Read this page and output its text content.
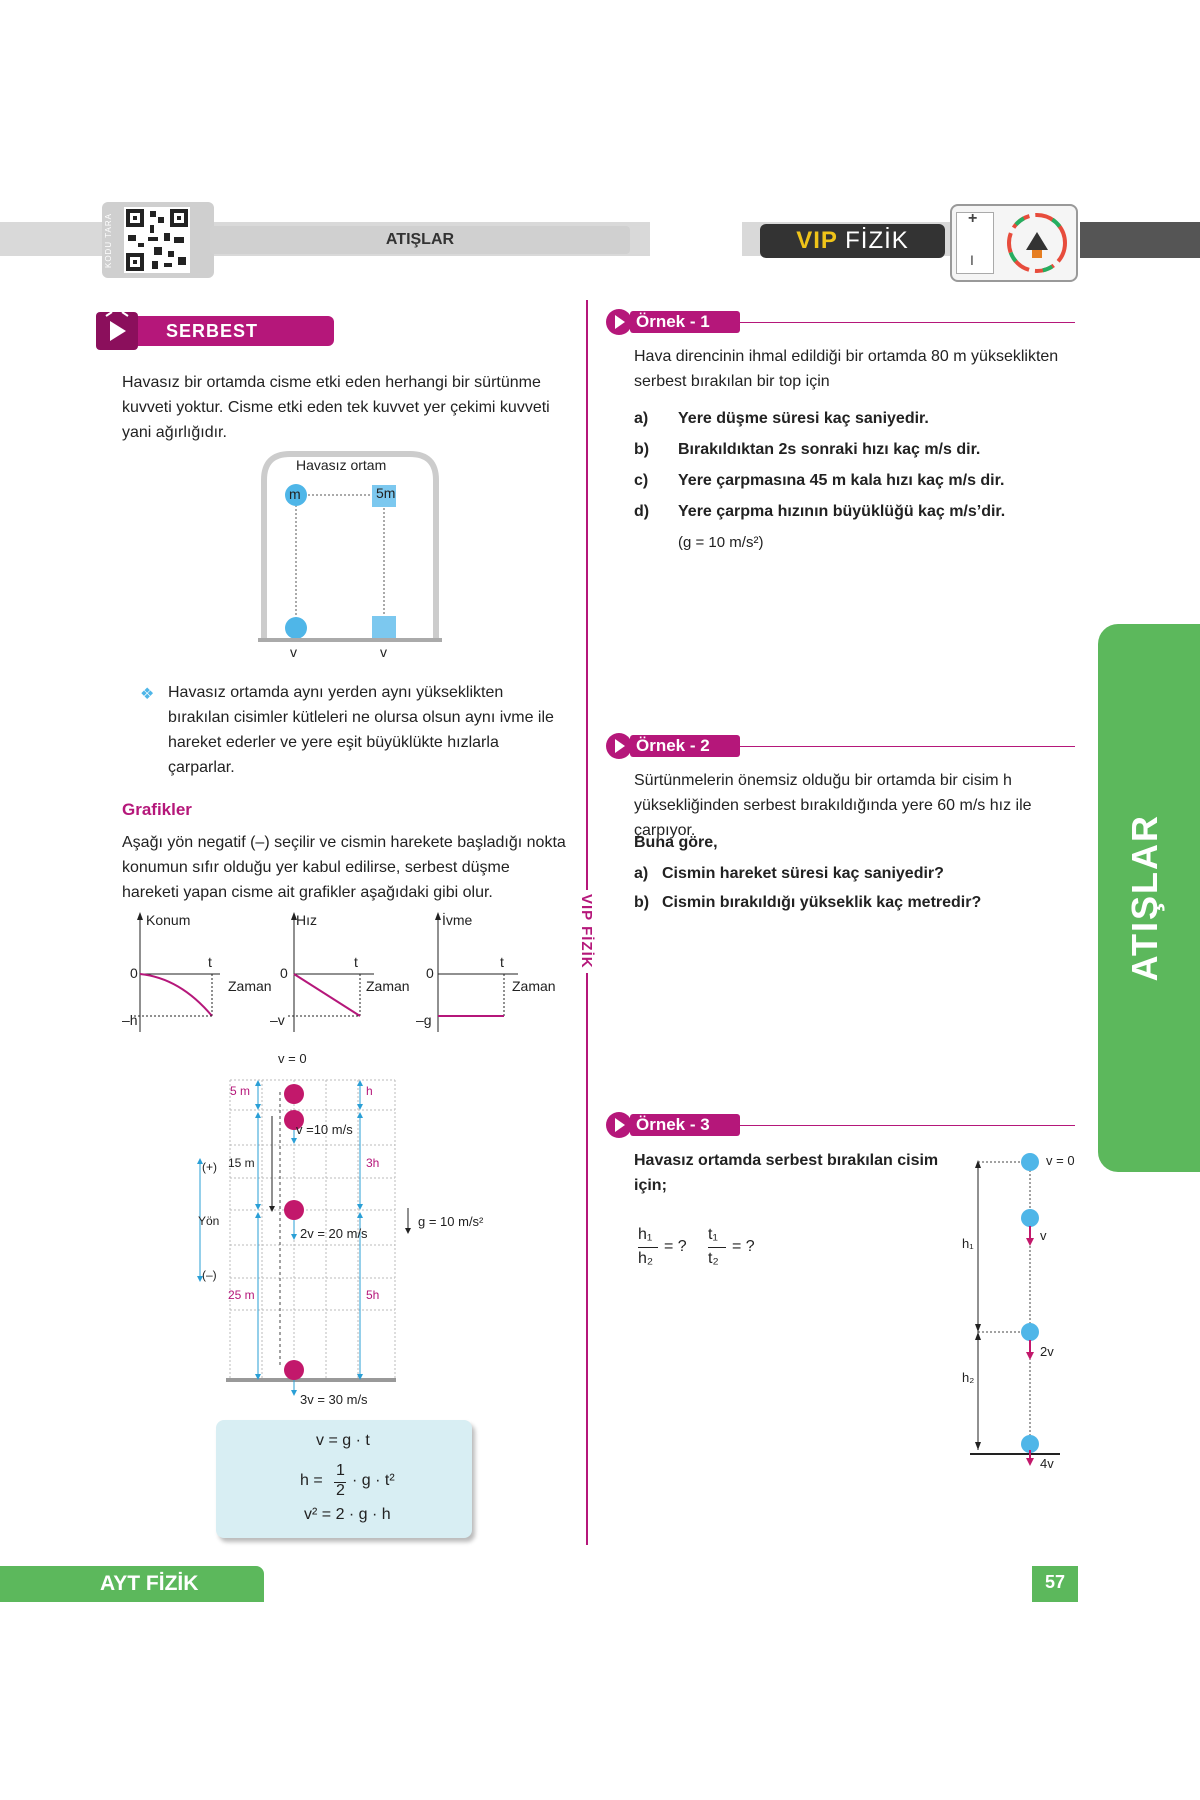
KODU TARA	ATIŞLAR	VIP FİZİK
+
I
SERBEST DÜŞME
Havasız bir ortamda cisme etki eden herhangi bir sürtünme kuvveti yoktur. Cisme etki eden tek kuvvet yer çekimi kuvveti yani ağırlığıdır.
Havasız ortam
m	5m
v	v
❖ Havasız ortamda aynı yerden aynı yükseklikten bırakılan cisimler kütleleri ne olursa olsun aynı ivme ile hareket ederler ve yere eşit büyüklükte hızlarla çarparlar.
Grafikler
Aşağı yön negatif (–) seçilir ve cismin harekete başladığı nokta konumun sıfır olduğu yer kabul edilirse, serbest düşme hareketi yapan cisme ait grafikler aşağıdaki gibi olur.
Konum
0
t
Zaman
–h
Hız
0
t
Zaman
–v
İvme
0
t
Zaman
–g
v = 0
5 m	h
v =10 m/s
(+) 15 m	3h
Yön
2v = 20 m/s
g = 10 m/s²
(–)
25 m	5h
3v = 30 m/s
v = g · t
h =
1
2
· g · t²
v² = 2 · g · h
VIP FİZİK
Örnek - 1
Hava direncinin ihmal edildiği bir ortamda 80 m yükseklikten serbest bırakılan bir top için
a) Yere düşme süresi kaç saniyedir.
b) Bırakıldıktan 2s sonraki hızı kaç m/s dir.
c) Yere çarpmasına 45 m kala hızı kaç m/s dir.
d) Yere çarpma hızının büyüklüğü kaç m/s’dir.
(g = 10 m/s²)
Örnek - 2
Sürtünmelerin önemsiz olduğu bir ortamda bir cisim h yüksekliğinden serbest bırakıldığında yere 60 m/s hız ile çarpıyor.
Buna göre,
a) Cismin hareket süresi kaç saniyedir?
b) Cismin bırakıldığı yükseklik kaç metredir?
Örnek - 3
Havasız ortamda serbest bırakılan cisim için;
h₁
h₂
= ?
t₁
t₂
= ?
v = 0
v
h₁
2v
h₂
4v
ATIŞLAR
AYT FİZİK	57
